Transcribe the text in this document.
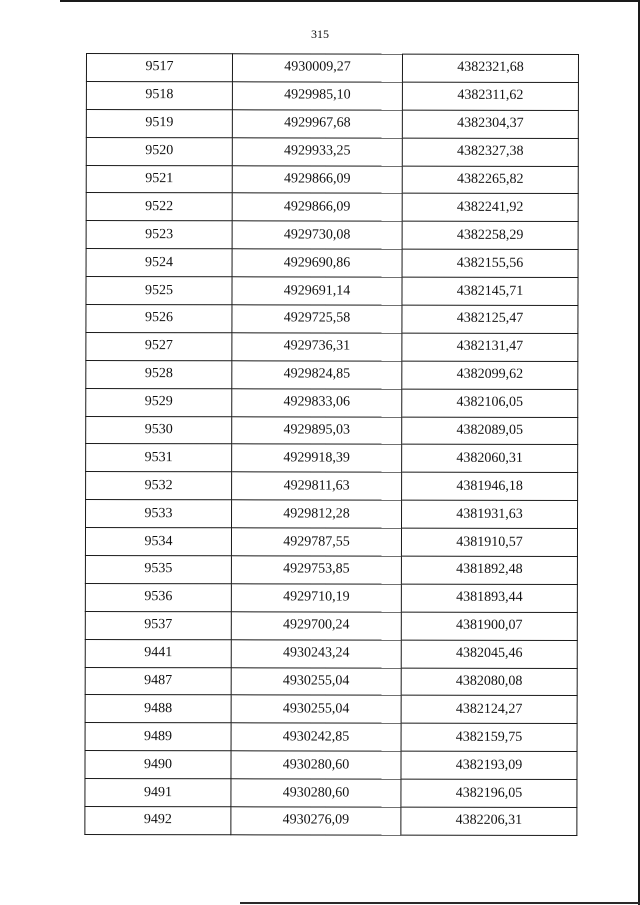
315
9517	4930009,27	4382321,68
9518	4929985,10	4382311,62
9519	4929967,68	4382304,37
9520	4929933,25	4382327,38
9521	4929866,09	4382265,82
9522	4929866,09	4382241,92
9523	4929730,08	4382258,29
9524	4929690,86	4382155,56
9525	4929691,14	4382145,71
9526	4929725,58	4382125,47
9527	4929736,31	4382131,47
9528	4929824,85	4382099,62
9529	4929833,06	4382106,05
9530	4929895,03	4382089,05
9531	4929918,39	4382060,31
9532	4929811,63	4381946,18
9533	4929812,28	4381931,63
9534	4929787,55	4381910,57
9535	4929753,85	4381892,48
9536	4929710,19	4381893,44
9537	4929700,24	4381900,07
9441	4930243,24	4382045,46
9487	4930255,04	4382080,08
9488	4930255,04	4382124,27
9489	4930242,85	4382159,75
9490	4930280,60	4382193,09
9491	4930280,60	4382196,05
9492	4930276,09	4382206,31
